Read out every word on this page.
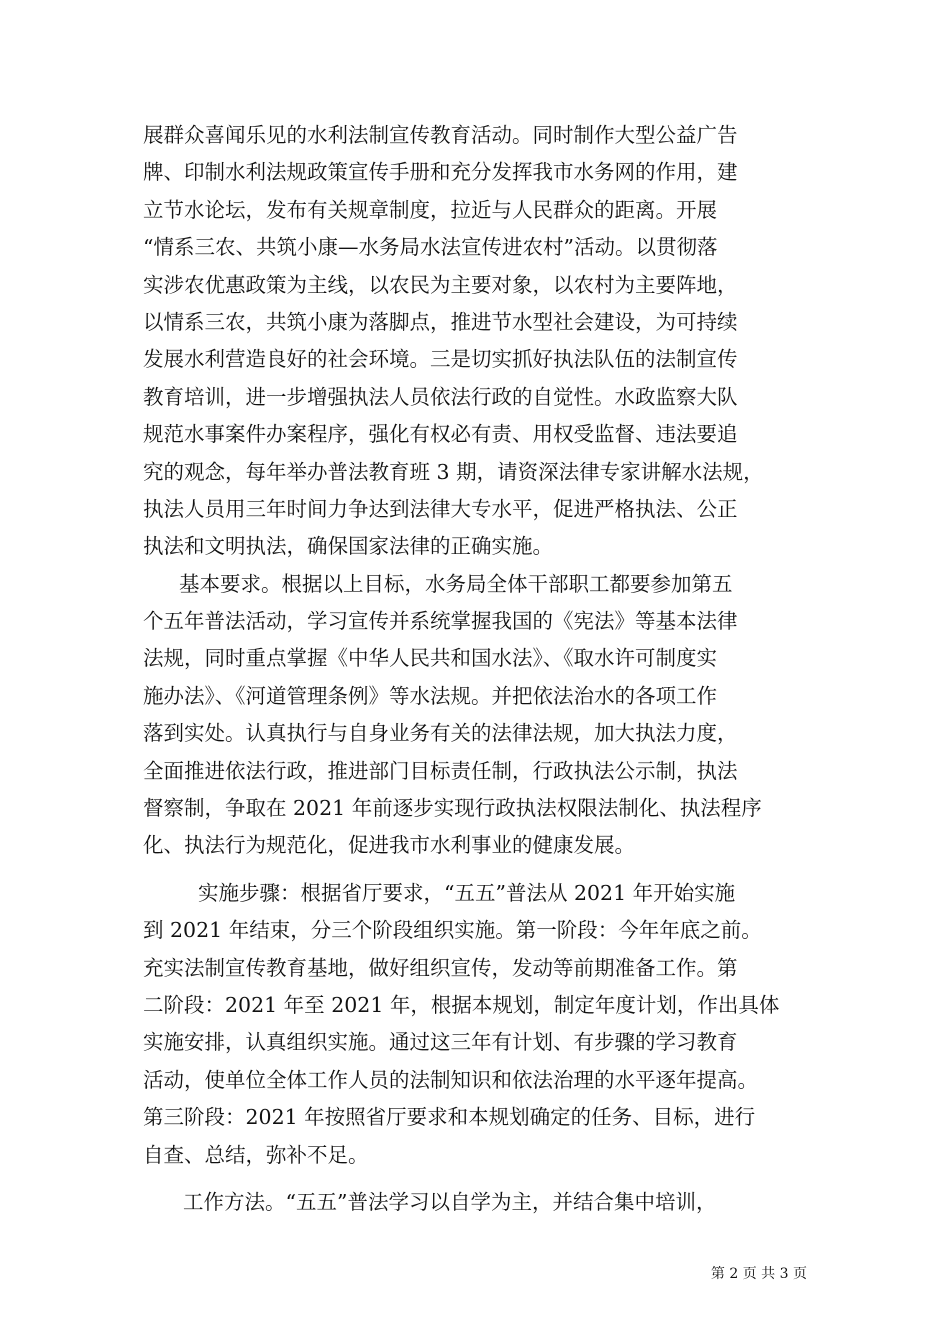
展群众喜闻乐见的水利法制宣传教育活动。同时制作大型公益广告
牌、印制水利法规政策宣传手册和充分发挥我市水务网的作用，建
立节水论坛，发布有关规章制度，拉近与人民群众的距离。开展
“情系三农、共筑小康—水务局水法宣传进农村”活动。以贯彻落
实涉农优惠政策为主线，以农民为主要对象，以农村为主要阵地，
以情系三农，共筑小康为落脚点，推进节水型社会建设，为可持续
发展水利营造良好的社会环境。三是切实抓好执法队伍的法制宣传
教育培训，进一步增强执法人员依法行政的自觉性。水政监察大队
规范水事案件办案程序，强化有权必有责、用权受监督、违法要追
究的观念，每年举办普法教育班 3 期，请资深法律专家讲解水法规，
执法人员用三年时间力争达到法律大专水平，促进严格执法、公正
执法和文明执法，确保国家法律的正确实施。
基本要求。根据以上目标，水务局全体干部职工都要参加第五
个五年普法活动，学习宣传并系统掌握我国的《宪法》等基本法律
法规，同时重点掌握《中华人民共和国水法》、《取水许可制度实
施办法》、《河道管理条例》等水法规。并把依法治水的各项工作
落到实处。认真执行与自身业务有关的法律法规，加大执法力度，
全面推进依法行政，推进部门目标责任制，行政执法公示制，执法
督察制，争取在 2021 年前逐步实现行政执法权限法制化、执法程序
化、执法行为规范化，促进我市水利事业的健康发展。
实施步骤：根据省厅要求，“五五”普法从 2021 年开始实施
到 2021 年结束，分三个阶段组织实施。第一阶段：今年年底之前。
充实法制宣传教育基地，做好组织宣传，发动等前期准备工作。第
二阶段：2021 年至 2021 年，根据本规划，制定年度计划，作出具体
实施安排，认真组织实施。通过这三年有计划、有步骤的学习教育
活动，使单位全体工作人员的法制知识和依法治理的水平逐年提高。
第三阶段：2021 年按照省厅要求和本规划确定的任务、目标，进行
自查、总结，弥补不足。
工作方法。“五五”普法学习以自学为主，并结合集中培训，
第 2 页 共 3 页
